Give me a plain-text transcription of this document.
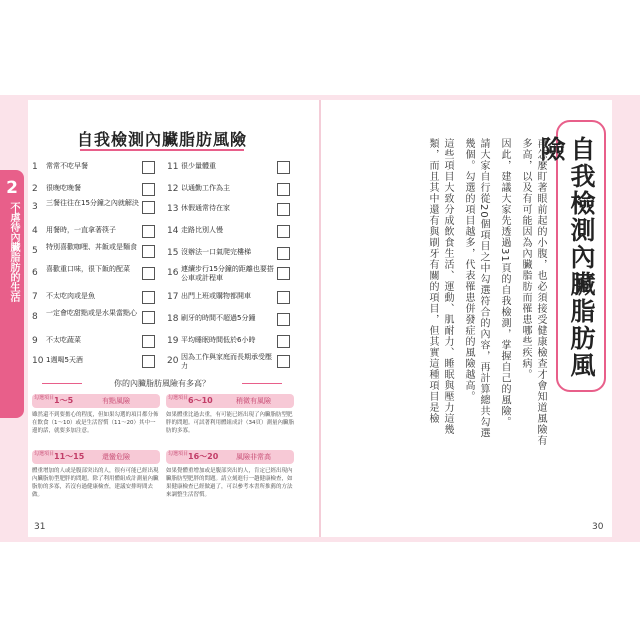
2
不虐待內臟脂肪的生活
自我檢測內臟脂肪風險
1 常常不吃早餐
2 很晚吃晚餐
3 三餐往往在15分鐘之內就解決
4 用餐時，一直拿著筷子
5 特別喜歡咖哩、丼飯或是麵食
6 喜歡重口味，很下飯的配菜
7 不太吃肉或是魚
8 一定會吃甜點或是水果當點心
9 不太吃蔬菜
10 1週喝5天酒
11 很少量體重
12 以通勤工作為主
13 休假通常待在家
14 走路比別人慢
15 沒辦法一口氣爬完樓梯
16 連續步行15分鐘的距離也要搭公車或計程車
17 出門上班或購物都開車
18 刷牙的時間不超過5分鐘
19 平均睡眠時間低於6小時
20 因為工作與家庭而長期承受壓力
你的內臟脂肪風險有多高？
勾選項目 1～5	有點風險
雖然還不到要擔心的程度，但如果勾選的項目都分佈在飲食（1～10）或是生活習慣（11～20）其中一邊的話，就要多加注意。
勾選項目 6～10	稍微有風險
如果體重比過去重，有可能已經出現了內臟脂肪型肥胖的問題。可試著利用體組成計（34頁）測量內臟脂肪的多寡。
勾選項目 11～15	還蠻危險
體重增加的人或是腹部突出的人，很有可能已經出現內臟脂肪型肥胖的問題。除了利用體組成計測量內臟脂肪的多寡，若沒有過健康檢查，建議安排時間去做。
勾選項目 16～20	風險非常高
如果覺體重增加或是腹部突出的人，肯定已經出現內臟脂肪型肥胖的問題。請立刻進行一趟健康檢查，如果健康檢查已經做過了，可以參考本書所推薦的方法來調整生活習慣。
31	30
自我檢測內臟脂肪風險

再怎麼盯著眼前起的小腹，也必須接受健康檢查才會知道風險有多高，以及有可能因為內臟脂肪而罹患哪些疾病。

因此，建議大家先透過31頁的自我檢測，掌握自己的風險。

請大家自行從20個項目之中勾選符合的內容，再計算總共勾選幾個。勾選的項目越多，代表罹患併發症的風險越高。

這些項目大致分成飲食生活、運動、肌耐力、睡眠與壓力這幾類，而且其中還有與刷牙有關的項目，但其實這種項目是檢
